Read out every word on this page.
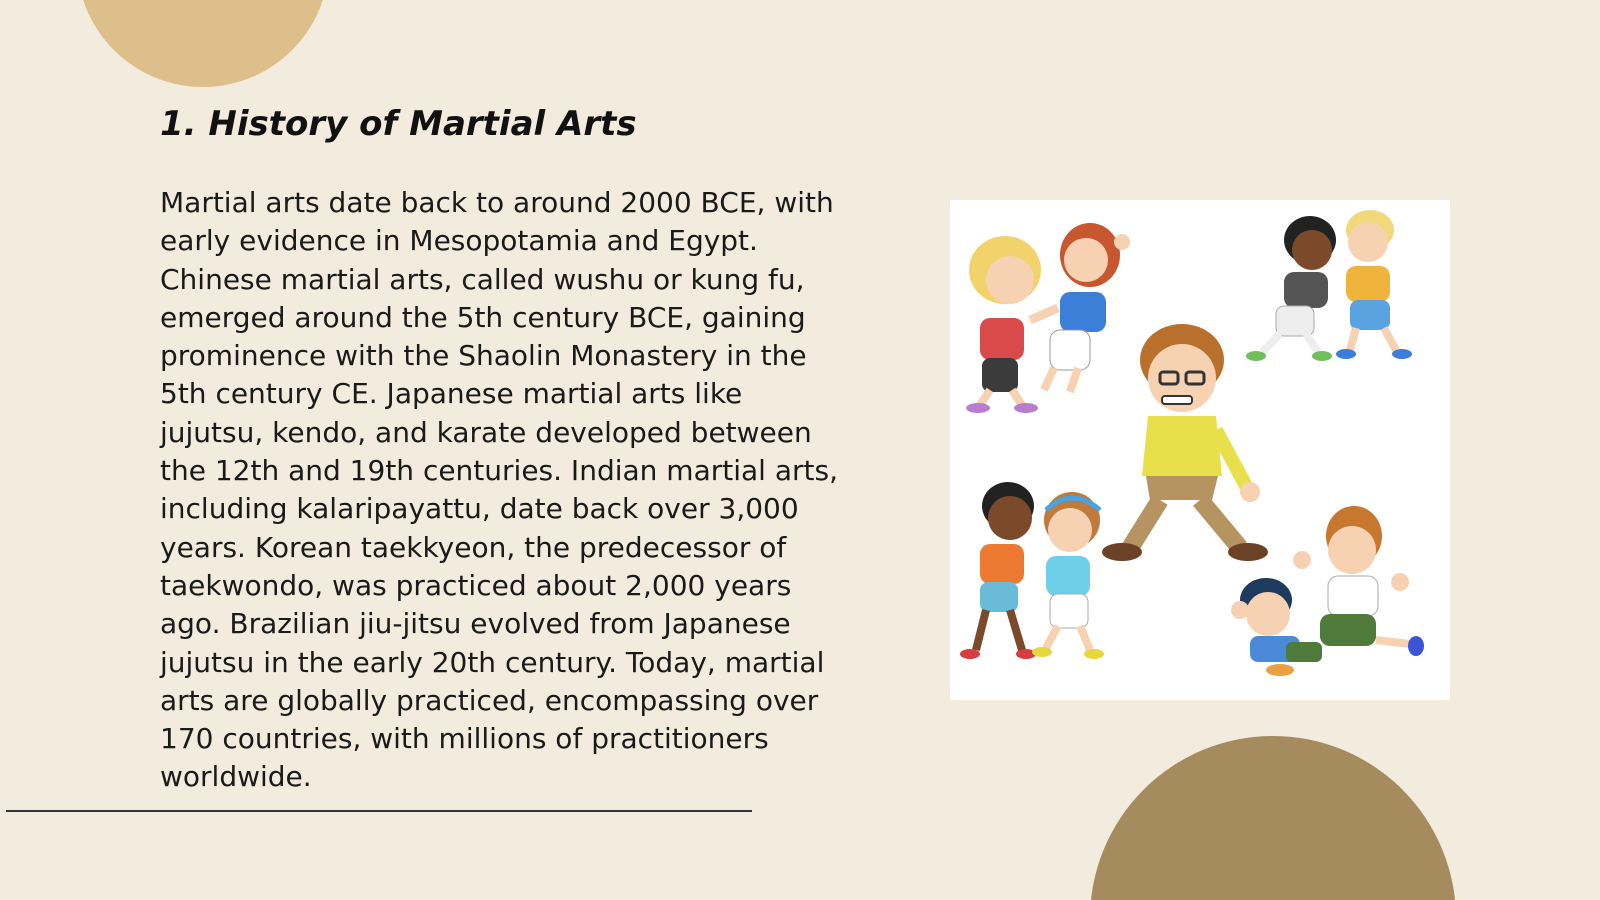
1. History of Martial Arts

Martial arts date back to around 2000 BCE, with early evidence in Mesopotamia and Egypt. Chinese martial arts, called wushu or kung fu, emerged around the 5th century BCE, gaining prominence with the Shaolin Monastery in the 5th century CE. Japanese martial arts like jujutsu, kendo, and karate developed between the 12th and 19th centuries. Indian martial arts, including kalaripayattu, date back over 3,000 years. Korean taekkyeon, the predecessor of taekwondo, was practiced about 2,000 years ago. Brazilian jiu-jitsu evolved from Japanese jujutsu in the early 20th century. Today, martial arts are globally practiced, encompassing over 170 countries, with millions of practitioners worldwide.
